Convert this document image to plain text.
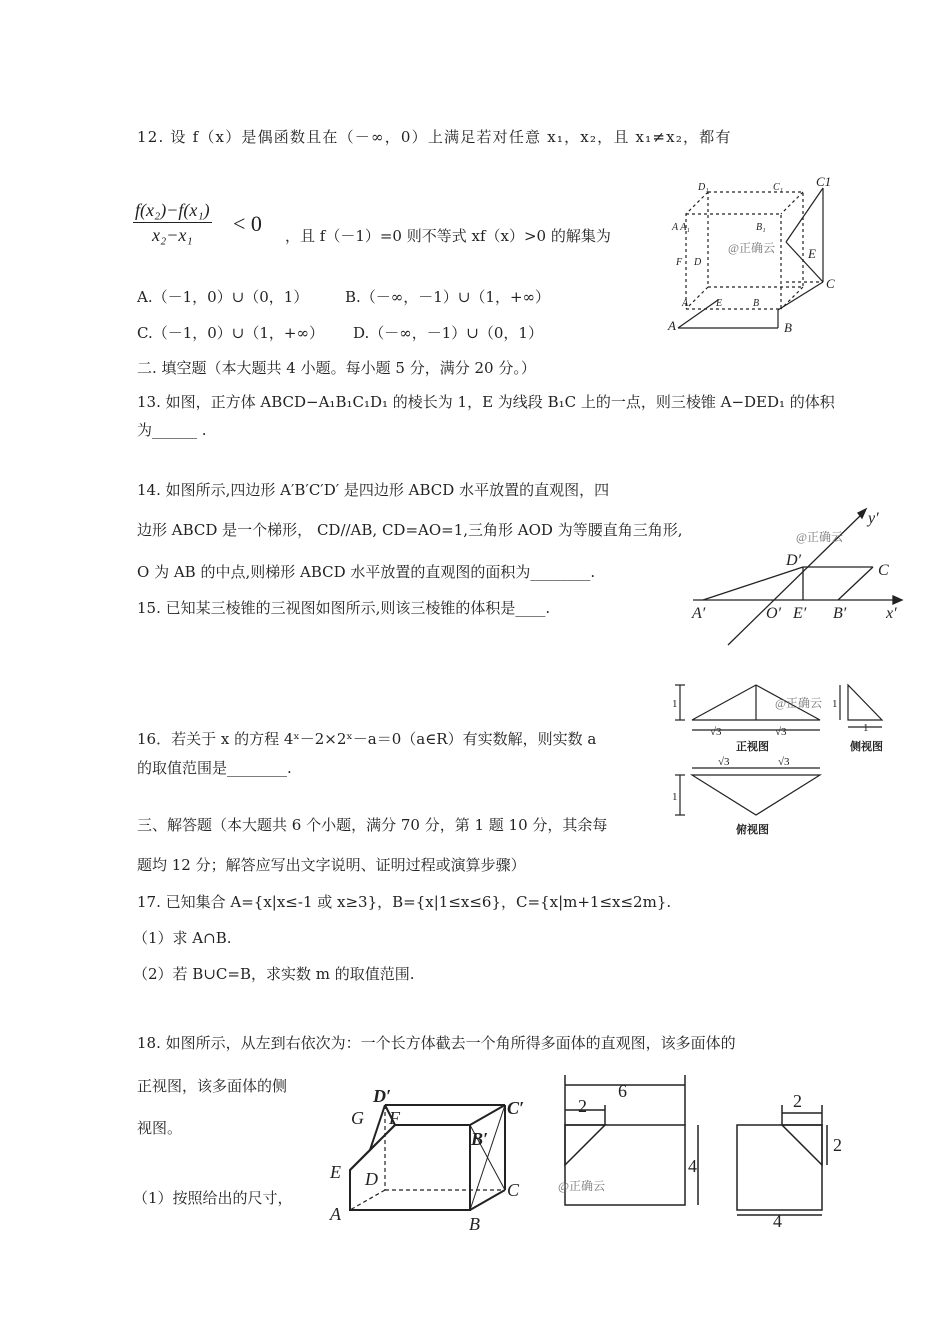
12. 设 f（x）是偶函数且在（－∞，0）上满足若对任意 x₁，x₂，且 x₁≠x₂，都有
$\frac{\text{f(x₂)−f(x₁)}}{\text{x₂−x₁}} < 0$ ，且 f（－1）=0 则不等式 xf（x）>0 的解集为
A.（－1，0）∪（0，1） B.（－∞，－1）∪（1，+∞）
C.（－1，0）∪（1，+∞） D.（－∞，－1）∪（0，1）
D₁	C₁	C1
A A₁	B₁
F D
E
C
A	E	B
A	B
@正确云
二. 填空题（本大题共 4 小题。每小题 5 分，满分 20 分。）
13. 如图，正方体 ABCD−A₁B₁C₁D₁ 的棱长为 1，E 为线段 B₁C 上的一点，则三棱锥 A−DED₁ 的体积
为______ .
14. 如图所示,四边形 A′B′C′D′ 是四边形 ABCD 水平放置的直观图，四
边形 ABCD 是一个梯形， CD//AB, CD=AO=1,三角形 AOD 为等腰直角三角形,
O 为 AB 的中点,则梯形 ABCD 水平放置的直观图的面积为________.
y′
D′
C
A′	O′ E′ B′ x′
@正确云
15. 已知某三棱锥的三视图如图所示,则该三棱锥的体积是____.
1
√3	√3
1
1
√3	√3
1
正视图	侧视图
俯视图
@正确云
16．若关于 x 的方程 4ˣ－2×2ˣ－a＝0（a∈R）有实数解，则实数 a
的取值范围是________.
三、解答题（本大题共 6 个小题，满分 70 分，第 1 题 10 分，其余每
题均 12 分；解答应写出文字说明、证明过程或演算步骤）
17. 已知集合 A={x|x≤-1 或 x≥3}，B={x|1≤x≤6}，C={x|m+1≤x≤2m}.
（1）求 A∩B.
（2）若 B∪C=B，求实数 m 的取值范围.
18. 如图所示，从左到右依次为：一个长方体截去一个角所得多面体的直观图，该多面体的
正视图，该多面体的侧
视图。
（1）按照给出的尺寸，
D′
C′
G F
B′
E D
C
A	B
6
2
4
@正确云
2
2
4
